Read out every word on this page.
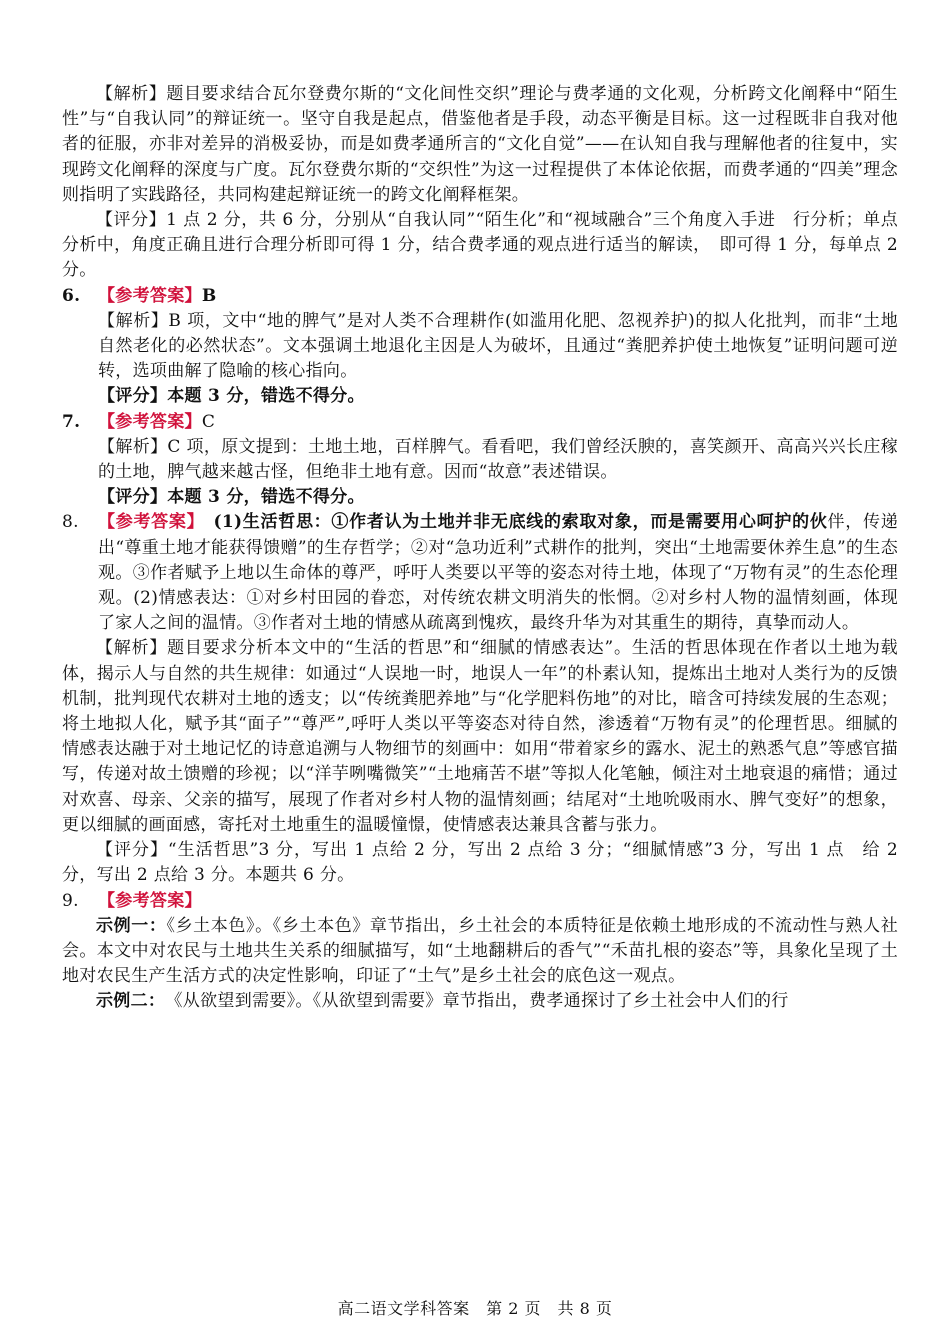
【解析】题目要求结合瓦尔登费尔斯的“文化间性交织”理论与费孝通的文化观，分析跨文化阐释中“陌生性”与“自我认同”的辩证统一。坚守自我是起点，借鉴他者是手段，动态平衡是目标。这一过程既非自我对他者的征服，亦非对差异的消极妥协，而是如费孝通所言的“文化自觉”——在认知自我与理解他者的往复中，实现跨文化阐释的深度与广度。瓦尔登费尔斯的“交织性”为这一过程提供了本体论依据，而费孝通的“四美”理念则指明了实践路径，共同构建起辩证统一的跨文化阐释框架。

【评分】1 点 2 分，共 6 分，分别从“自我认同”“陌生化”和“视域融合”三个角度入手进　行分析；单点分析中，角度正确且进行合理分析即可得 1 分，结合费孝通的观点进行适当的解读，　即可得 1 分，每单点 2 分。

6.	【参考答案】 B

【解析】B 项，文中“地的脾气”是对人类不合理耕作(如滥用化肥、忽视养护)的拟人化批判，而非“土地自然老化的必然状态”。文本强调土地退化主因是人为破坏，且通过“粪肥养护使土地恢复”证明问题可逆转，选项曲解了隐喻的核心指向。

【评分】本题 3 分，错选不得分。

7.	【参考答案】 C

【解析】C 项，原文提到：土地土地，百样脾气。看看吧，我们曾经沃腴的，喜笑颜开、高高兴兴长庄稼的土地，脾气越来越古怪，但绝非土地有意。因而“故意”表述错误。

【评分】本题 3 分，错选不得分。

8.	【参考答案】　(1)生活哲思：①作者认为土地并非无底线的索取对象，而是需要用心呵护的伙伴，传递出“尊重土地才能获得馈赠”的生存哲学；②对“急功近利”式耕作的批判，突出“土地需要休养生息”的生态观。③作者赋予上地以生命体的尊严，呼吁人类要以平等的姿态对待土地，体现了“万物有灵”的生态伦理观。(2)情感表达：①对乡村田园的眷恋，对传统农耕文明消失的怅惘。②对乡村人物的温情刻画，体现了家人之间的温情。③作者对土地的情感从疏离到愧疚，最终升华为对其重生的期待，真挚而动人。

【解析】题目要求分析本文中的“生活的哲思”和“细腻的情感表达”。生活的哲思体现在作者以土地为载体，揭示人与自然的共生规律：如通过“人误地一时，地误人一年”的朴素认知，提炼出土地对人类行为的反馈机制，批判现代农耕对土地的透支；以“传统粪肥养地”与“化学肥料伤地”的对比，暗含可持续发展的生态观；将土地拟人化，赋予其“面子”“尊严”,呼吁人类以平等姿态对待自然，渗透着“万物有灵”的伦理哲思。细腻的情感表达融于对土地记忆的诗意追溯与人物细节的刻画中：如用“带着家乡的露水、泥土的熟悉气息”等感官描写，传递对故土馈赠的珍视；以“洋芋咧嘴微笑”“土地痛苦不堪”等拟人化笔触，倾注对土地衰退的痛惜；通过对欢喜、母亲、父亲的描写，展现了作者对乡村人物的温情刻画；结尾对“土地吮吸雨水、脾气变好”的想象，更以细腻的画面感，寄托对土地重生的温暖憧憬，使情感表达兼具含蓄与张力。

【评分】“生活哲思”3 分，写出 1 点给 2 分，写出 2 点给 3 分；“细腻情感”3 分，写出 1 点　给 2 分，写出 2 点给 3 分。本题共 6 分。

9.	【参考答案】

示例一：《乡土本色》。《乡土本色》章节指出，乡土社会的本质特征是依赖土地形成的不流动性与熟人社会。本文中对农民与土地共生关系的细腻描写，如“土地翻耕后的香气”“禾苗扎根的姿态”等，具象化呈现了土地对农民生产生活方式的决定性影响，印证了“土气”是乡土社会的底色这一观点。

示例二：　《从欲望到需要》。《从欲望到需要》章节指出，费孝通探讨了乡土社会中人们的行

高二语文学科答案　第 2 页　共 8 页
